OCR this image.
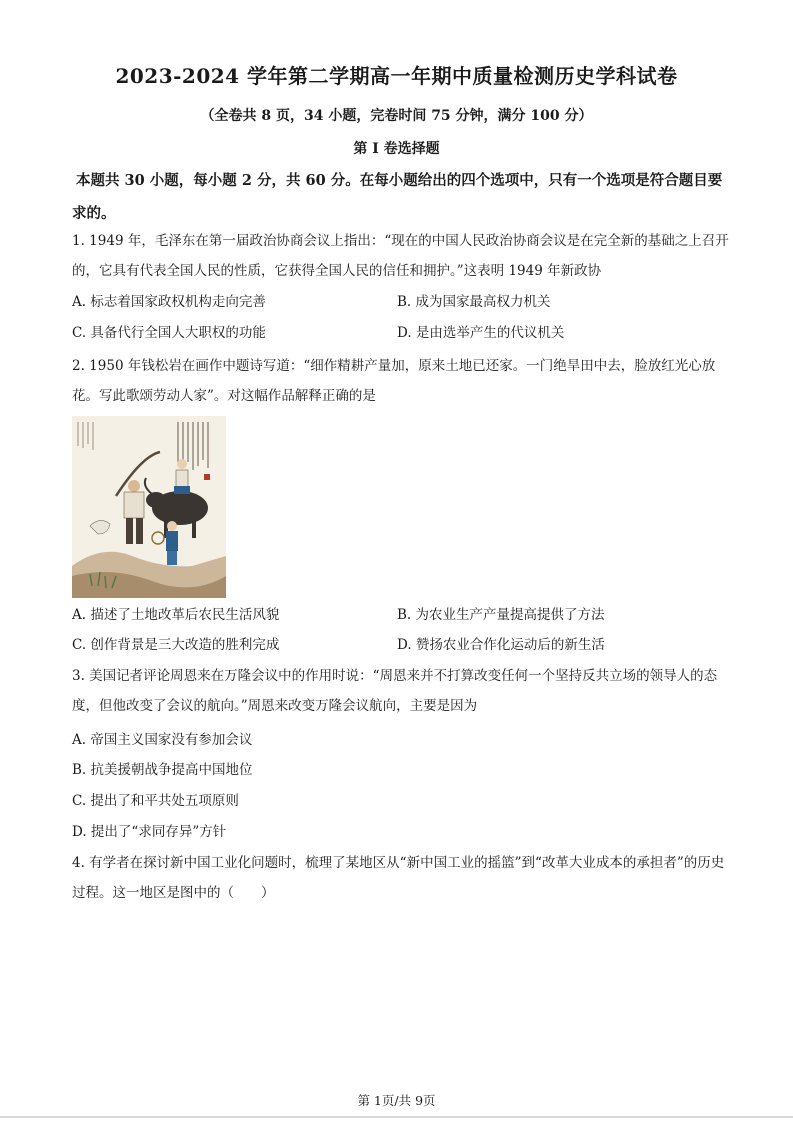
2023-2024 学年第二学期高一年期中质量检测历史学科试卷
（全卷共 8 页，34 小题，完卷时间 75 分钟，满分 100 分）
第 I 卷选择题
本题共 30 小题，每小题 2 分，共 60 分。在每小题给出的四个选项中，只有一个选项是符合题目要求的。
1. 1949 年，毛泽东在第一届政治协商会议上指出：“现在的中国人民政治协商会议是在完全新的基础之上召开的，它具有代表全国人民的性质，它获得全国人民的信任和拥护。”这表明 1949 年新政协
A. 标志着国家政权机构走向完善	B. 成为国家最高权力机关
C. 具备代行全国人大职权的功能	D. 是由选举产生的代议机关
2. 1950 年钱松岩在画作中题诗写道：“细作精耕产量加，原来土地已还家。一门绝旱田中去，脸放红光心放花。写此歌颂劳动人家”。对这幅作品解释正确的是
A. 描述了土地改革后农民生活风貌	B. 为农业生产产量提高提供了方法
C. 创作背景是三大改造的胜利完成	D. 赞扬农业合作化运动后的新生活
3. 美国记者评论周恩来在万隆会议中的作用时说：“周恩来并不打算改变任何一个坚持反共立场的领导人的态度，但他改变了会议的航向。”周恩来改变万隆会议航向，主要是因为
A. 帝国主义国家没有参加会议
B. 抗美援朝战争提高中国地位
C. 提出了和平共处五项原则
D. 提出了“求同存异”方针
4. 有学者在探讨新中国工业化问题时，梳理了某地区从“新中国工业的摇篮”到“改革大业成本的承担者”的历史过程。这一地区是图中的（　　）
第 1页/共 9页
